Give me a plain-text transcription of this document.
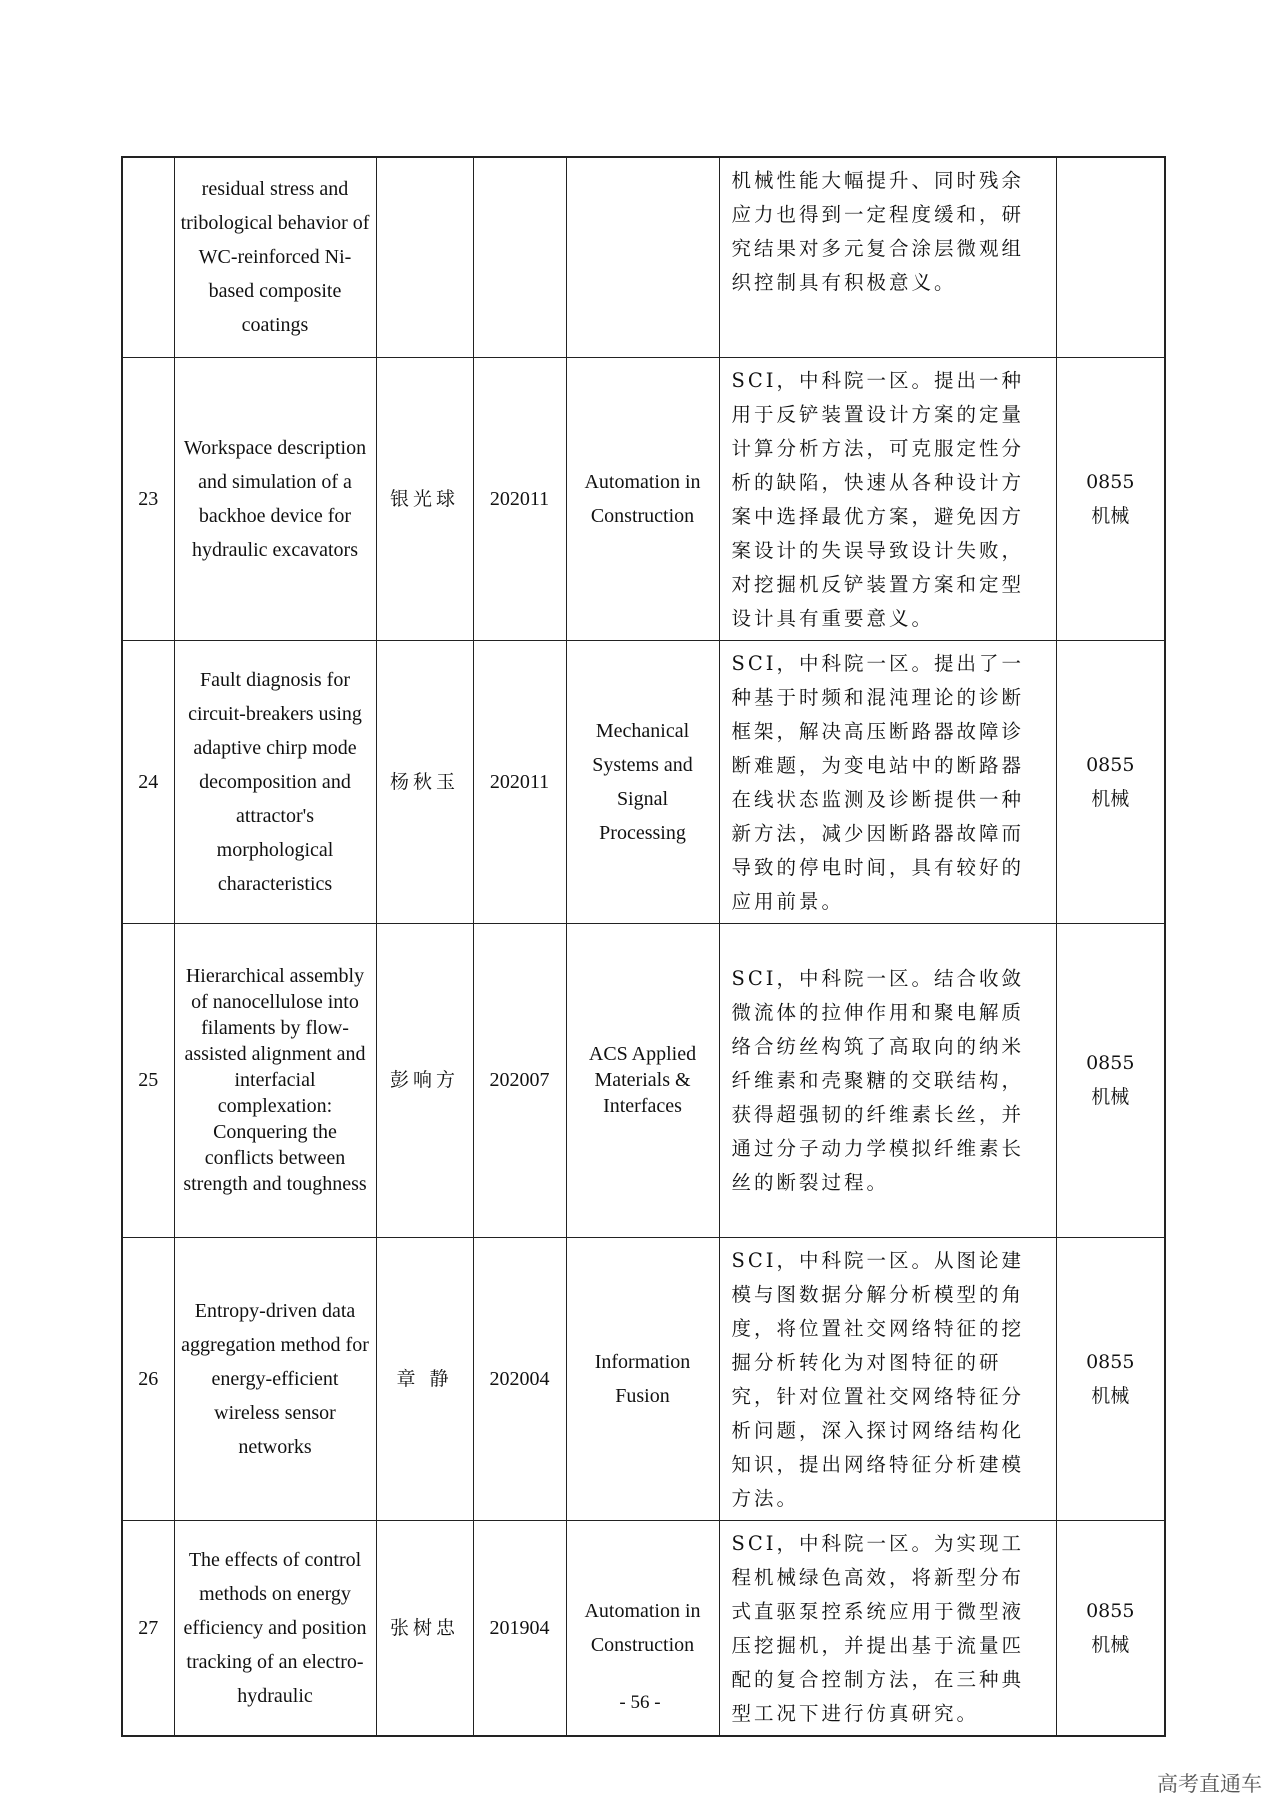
	residual stress and tribological behavior of WC-reinforced Ni-based composite coatings				机械性能大幅提升、同时残余应力也得到一定程度缓和，研究结果对多元复合涂层微观组织控制具有积极意义。	

23	Workspace description and simulation of a backhoe device for hydraulic excavators	银光球	202011	Automation in Construction	SCI，中科院一区。提出一种用于反铲装置设计方案的定量计算分析方法，可克服定性分析的缺陷，快速从各种设计方案中选择最优方案，避免因方案设计的失误导致设计失败，对挖掘机反铲装置方案和定型设计具有重要意义。	0855
机械

24	Fault diagnosis for circuit-breakers using adaptive chirp mode decomposition and attractor's morphological characteristics	杨秋玉	202011	Mechanical Systems and Signal Processing	SCI，中科院一区。提出了一种基于时频和混沌理论的诊断框架，解决高压断路器故障诊断难题，为变电站中的断路器在线状态监测及诊断提供一种新方法，减少因断路器故障而导致的停电时间，具有较好的应用前景。	0855
机械

25	Hierarchical assembly of nanocellulose into filaments by flow-assisted alignment and interfacial complexation: Conquering the conflicts between strength and toughness	彭响方	202007	ACS Applied Materials & Interfaces	SCI，中科院一区。结合收敛微流体的拉伸作用和聚电解质络合纺丝构筑了高取向的纳米纤维素和壳聚糖的交联结构，获得超强韧的纤维素长丝，并通过分子动力学模拟纤维素长丝的断裂过程。	0855
机械

26	Entropy-driven data aggregation method for energy-efficient wireless sensor networks	章 静	202004	Information Fusion	SCI，中科院一区。从图论建模与图数据分解分析模型的角度，将位置社交网络特征的挖掘分析转化为对图特征的研究，针对位置社交网络特征分析问题，深入探讨网络结构化知识，提出网络特征分析建模方法。	0855
机械

27	The effects of control methods on energy efficiency and position tracking of an electro-hydraulic	张树忠	201904	Automation in Construction	SCI，中科院一区。为实现工程机械绿色高效，将新型分布式直驱泵控系统应用于微型液压挖掘机，并提出基于流量匹配的复合控制方法，在三种典型工况下进行仿真研究。	0855
机械
- 56 -
高考直通车
